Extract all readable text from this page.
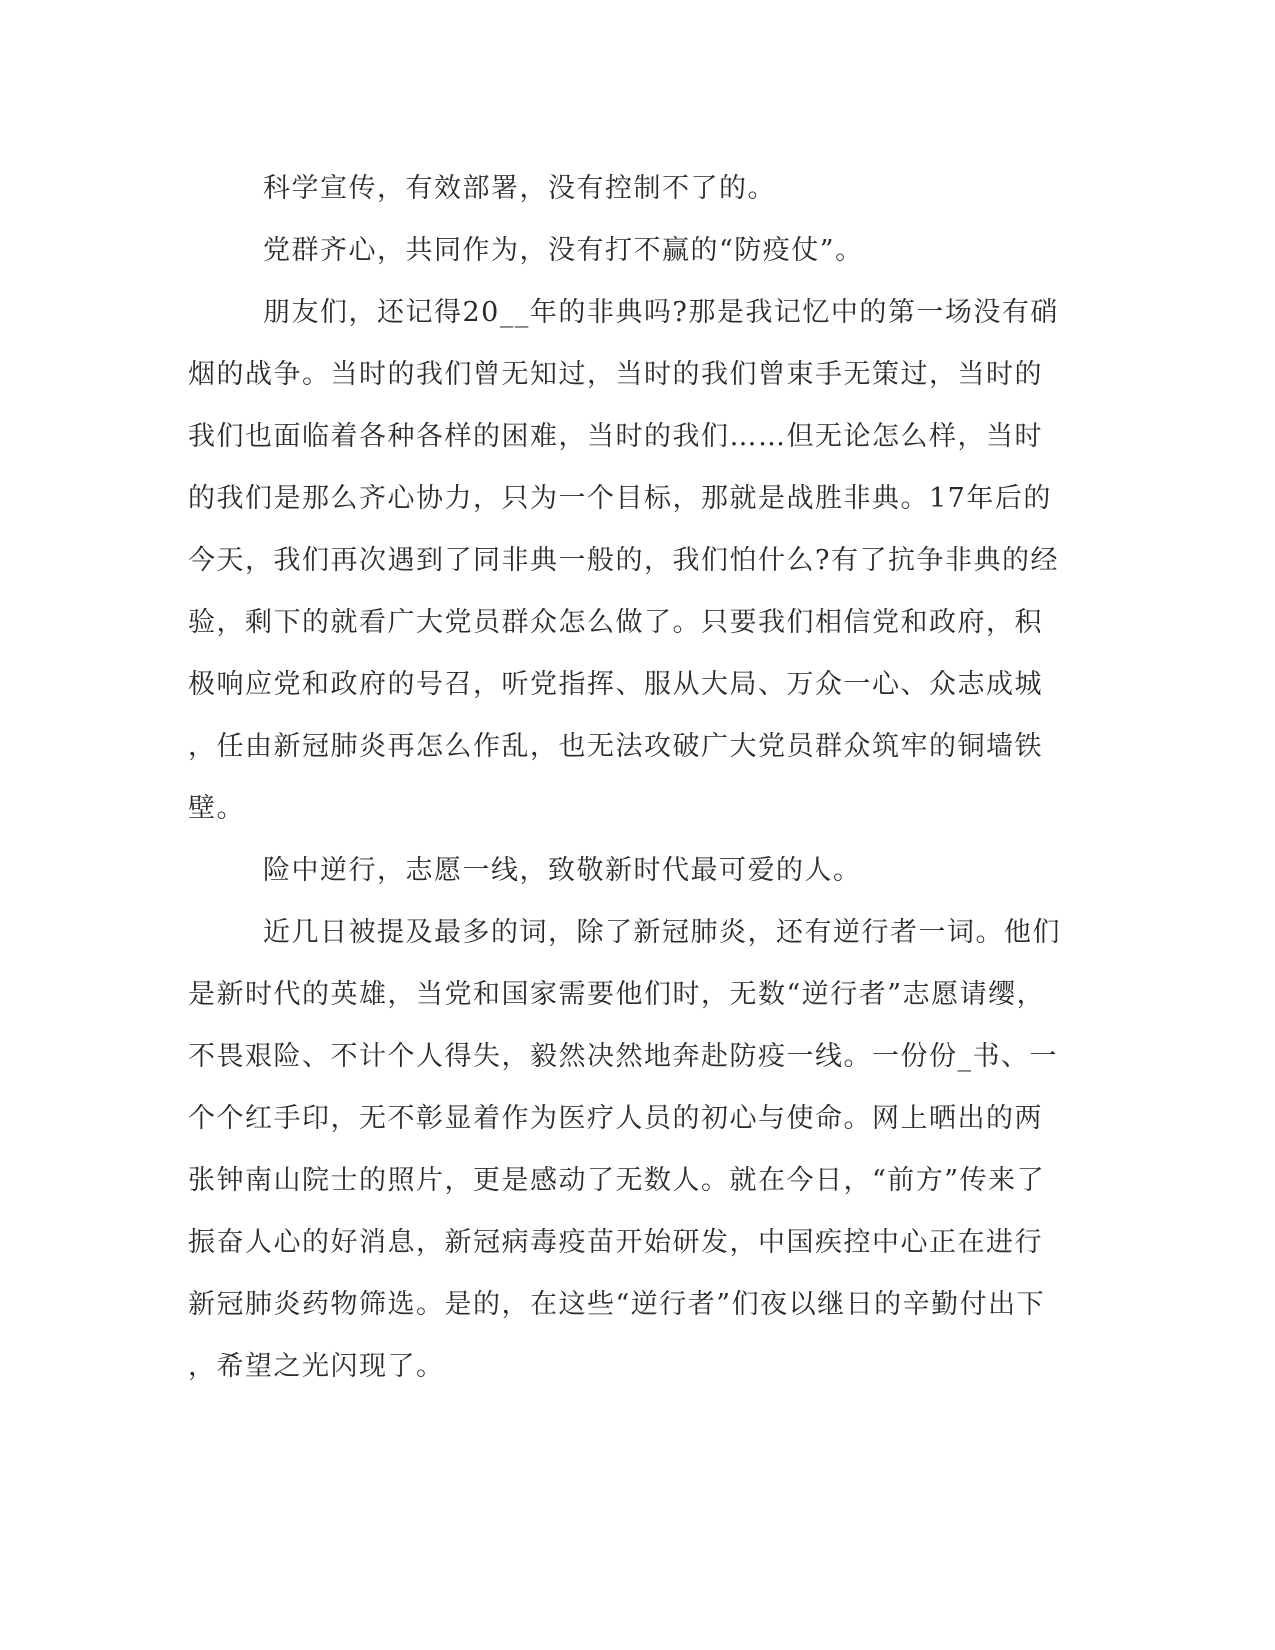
科学宣传，有效部署，没有控制不了的。
党群齐心，共同作为，没有打不赢的“防疫仗”。
朋友们，还记得20__年的非典吗?那是我记忆中的第一场没有硝
烟的战争。当时的我们曾无知过，当时的我们曾束手无策过，当时的
我们也面临着各种各样的困难，当时的我们……但无论怎么样，当时
的我们是那么齐心协力，只为一个目标，那就是战胜非典。17年后的
今天，我们再次遇到了同非典一般的，我们怕什么?有了抗争非典的经
验，剩下的就看广大党员群众怎么做了。只要我们相信党和政府，积
极响应党和政府的号召，听党指挥、服从大局、万众一心、众志成城
，任由新冠肺炎再怎么作乱，也无法攻破广大党员群众筑牢的铜墙铁
壁。
险中逆行，志愿一线，致敬新时代最可爱的人。
近几日被提及最多的词，除了新冠肺炎，还有逆行者一词。他们
是新时代的英雄，当党和国家需要他们时，无数“逆行者”志愿请缨，
不畏艰险、不计个人得失，毅然决然地奔赴防疫一线。一份份_书、一
个个红手印，无不彰显着作为医疗人员的初心与使命。网上晒出的两
张钟南山院士的照片，更是感动了无数人。就在今日，“前方”传来了
振奋人心的好消息，新冠病毒疫苗开始研发，中国疾控中心正在进行
新冠肺炎药物筛选。是的，在这些“逆行者”们夜以继日的辛勤付出下
，希望之光闪现了。
